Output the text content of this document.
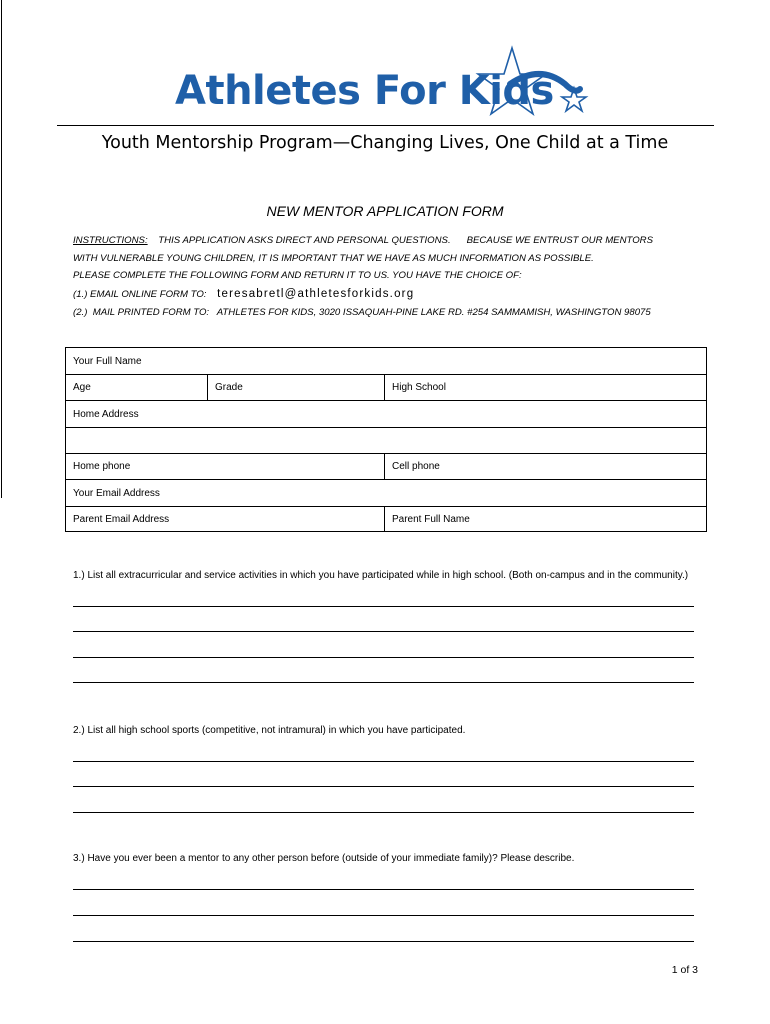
Athletes For Kids
Youth Mentorship Program—Changing Lives, One Child at a Time
NEW MENTOR APPLICATION FORM
INSTRUCTIONS: THIS APPLICATION ASKS DIRECT AND PERSONAL QUESTIONS.      BECAUSE WE ENTRUST OUR MENTORS
WITH VULNERABLE YOUNG CHILDREN, IT IS IMPORTANT THAT WE HAVE AS MUCH INFORMATION AS POSSIBLE.
PLEASE COMPLETE THE FOLLOWING FORM AND RETURN IT TO US. YOU HAVE THE CHOICE OF:
(1.) EMAIL ONLINE FORM TO: teresabretl@athletesforkids.org
(2.)  MAIL PRINTED FORM TO:   ATHLETES FOR KIDS, 3020 ISSAQUAH-PINE LAKE RD. #254 SAMMAMISH, WASHINGTON 98075
Your Full Name		
Age	Grade	High School
Home Address		

Home phone		Cell phone
Your Email Address		
Parent Email Address		Parent Full Name
1.) List all extracurricular and service activities in which you have participated while in high school. (Both on-campus and in the community.)
2.) List all high school sports (competitive, not intramural) in which you have participated.
3.) Have you ever been a mentor to any other person before (outside of your immediate family)? Please describe.
1 of 3
